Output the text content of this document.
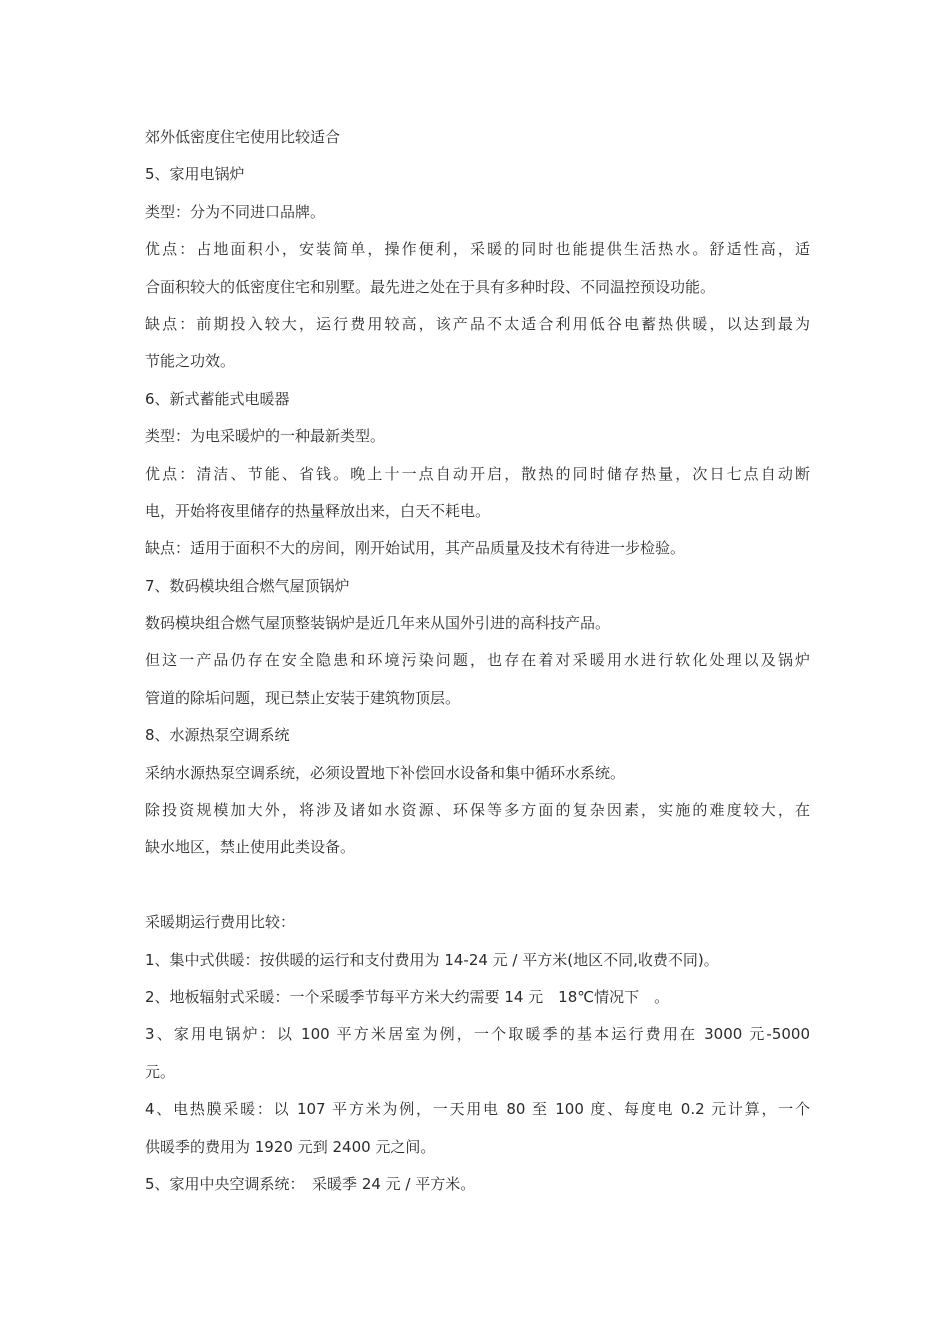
郊外低密度住宅使用比较适合
5、家用电锅炉
类型：分为不同进口品牌。
优点：占地面积小，安装简单，操作便利，采暖的同时也能提供生活热水。舒适性高，适
合面积较大的低密度住宅和别墅。最先进之处在于具有多种时段、不同温控预设功能。
缺点：前期投入较大，运行费用较高，该产品不太适合利用低谷电蓄热供暖，以达到最为
节能之功效。
6、新式蓄能式电暖器
类型：为电采暖炉的一种最新类型。
优点：清洁、节能、省钱。晚上十一点自动开启，散热的同时储存热量，次日七点自动断
电，开始将夜里储存的热量释放出来，白天不耗电。
缺点：适用于面积不大的房间，刚开始试用，其产品质量及技术有待进一步检验。
7、数码模块组合燃气屋顶锅炉
数码模块组合燃气屋顶整装锅炉是近几年来从国外引进的高科技产品。
但这一产品仍存在安全隐患和环境污染问题，也存在着对采暖用水进行软化处理以及锅炉
管道的除垢问题，现已禁止安装于建筑物顶层。
8、水源热泵空调系统
采纳水源热泵空调系统，必须设置地下补偿回水设备和集中循环水系统。
除投资规模加大外，将涉及诸如水资源、环保等多方面的复杂因素，实施的难度较大，在
缺水地区，禁止使用此类设备。
采暖期运行费用比较：
1、集中式供暖：按供暖的运行和支付费用为 14-24 元 / 平方米(地区不同,收费不同)。
2、地板辐射式采暖：一个采暖季节每平方米大约需要 14 元　18℃情况下　。
3、家用电锅炉：以 100 平方米居室为例，一个取暖季的基本运行费用在 3000 元-5000
元。
4、电热膜采暖：以 107 平方米为例，一天用电 80 至 100 度、每度电 0.2 元计算，一个
供暖季的费用为 1920 元到 2400 元之间。
5、家用中央空调系统：　采暖季 24 元 / 平方米。
